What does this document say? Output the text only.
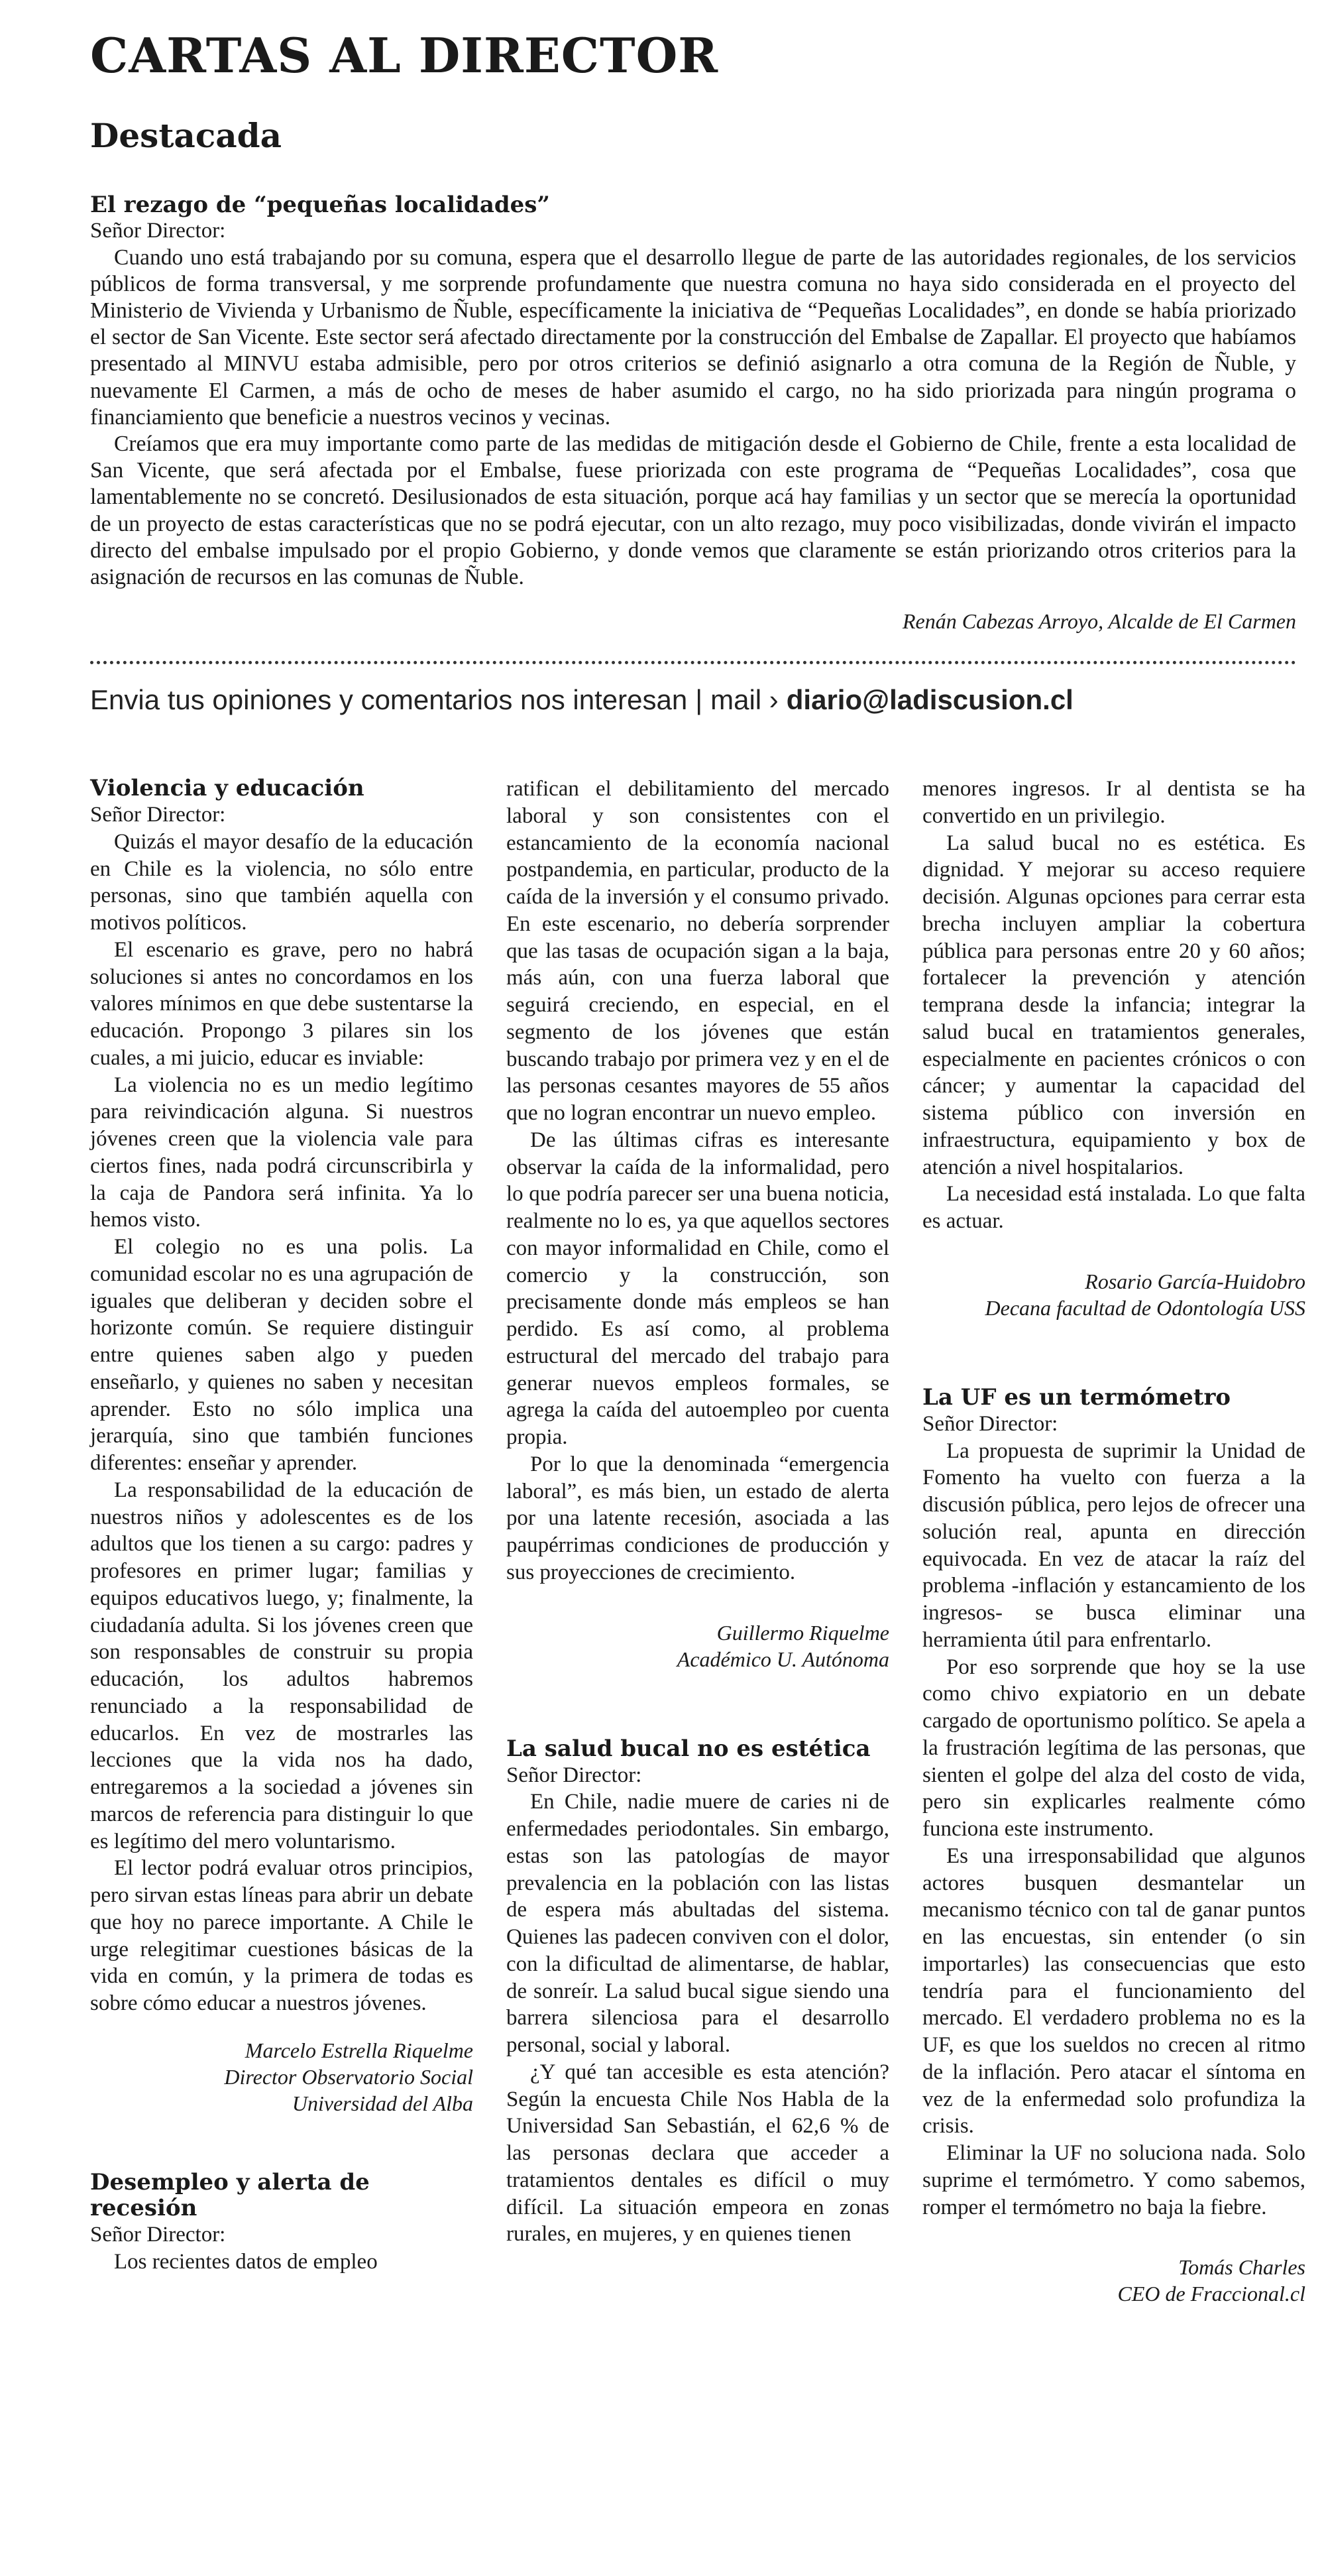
CARTAS AL DIRECTOR
Destacada
El rezago de “pequeñas localidades”

Señor Director:

Cuando uno está trabajando por su comuna, espera que el desarrollo llegue de parte de las autoridades regionales, de los servicios públicos de forma transversal, y me sorprende profundamente que nuestra comuna no haya sido considerada en el proyecto del Ministerio de Vivienda y Urbanismo de Ñuble, específicamente la iniciativa de “Pequeñas Localidades”, en donde se había priorizado el sector de San Vicente. Este sector será afectado directamente por la construcción del Embalse de Zapallar. El proyecto que habíamos presentado al MINVU estaba admisible, pero por otros criterios se definió asignarlo a otra comuna de la Región de Ñuble, y nuevamente El Carmen, a más de ocho de meses de haber asumido el cargo, no ha sido priorizada para ningún programa o financiamiento que beneficie a nuestros vecinos y vecinas.

Creíamos que era muy importante como parte de las medidas de mitigación desde el Gobierno de Chile, frente a esta localidad de San Vicente, que será afectada por el Embalse, fuese priorizada con este programa de “Pequeñas Localidades”, cosa que lamentablemente no se concretó. Desilusionados de esta situación, porque acá hay familias y un sector que se merecía la oportunidad de un proyecto de estas características que no se podrá ejecutar, con un alto rezago, muy poco visibilizadas, donde vivirán el impacto directo del embalse impulsado por el propio Gobierno, y donde vemos que claramente se están priorizando otros criterios para la asignación de recursos en las comunas de Ñuble.

Renán Cabezas Arroyo, Alcalde de El Carmen

Envia tus opiniones y comentarios nos interesan | mail › diario@ladiscusion.cl
Violencia y educación

Señor Director:

Quizás el mayor desafío de la educación en Chile es la violencia, no sólo entre personas, sino que también aquella con motivos políticos.

El escenario es grave, pero no habrá soluciones si antes no concordamos en los valores mínimos en que debe sustentarse la educación. Propongo 3 pilares sin los cuales, a mi juicio, educar es inviable:

La violencia no es un medio legítimo para reivindicación alguna. Si nuestros jóvenes creen que la violencia vale para ciertos fines, nada podrá circunscribirla y la caja de Pandora será infinita. Ya lo hemos visto.

El colegio no es una polis. La comunidad escolar no es una agrupación de iguales que deliberan y deciden sobre el horizonte común. Se requiere distinguir entre quienes saben algo y pueden enseñarlo, y quienes no saben y necesitan aprender. Esto no sólo implica una jerarquía, sino que también funciones diferentes: enseñar y aprender.

La responsabilidad de la educación de nuestros niños y adolescentes es de los adultos que los tienen a su cargo: padres y profesores en primer lugar; familias y equipos educativos luego, y; finalmente, la ciudadanía adulta. Si los jóvenes creen que son responsables de construir su propia educación, los adultos habremos renunciado a la responsabilidad de educarlos. En vez de mostrarles las lecciones que la vida nos ha dado, entregaremos a la sociedad a jóvenes sin marcos de referencia para distinguir lo que es legítimo del mero voluntarismo.

El lector podrá evaluar otros principios, pero sirvan estas líneas para abrir un debate que hoy no parece importante. A Chile le urge relegitimar cuestiones básicas de la vida en común, y la primera de todas es sobre cómo educar a nuestros jóvenes.

Marcelo Estrella Riquelme
Director Observatorio Social
Universidad del Alba
Desempleo y alerta de recesión

Señor Director:

Los recientes datos de empleo

ratifican el debilitamiento del mercado laboral y son consistentes con el estancamiento de la economía nacional postpandemia, en particular, producto de la caída de la inversión y el consumo privado. En este escenario, no debería sorprender que las tasas de ocupación sigan a la baja, más aún, con una fuerza laboral que seguirá creciendo, en especial, en el segmento de los jóvenes que están buscando trabajo por primera vez y en el de las personas cesantes mayores de 55 años que no logran encontrar un nuevo empleo.

De las últimas cifras es interesante observar la caída de la informalidad, pero lo que podría parecer ser una buena noticia, realmente no lo es, ya que aquellos sectores con mayor informalidad en Chile, como el comercio y la construcción, son precisamente donde más empleos se han perdido. Es así como, al problema estructural del mercado del trabajo para generar nuevos empleos formales, se agrega la caída del autoempleo por cuenta propia.

Por lo que la denominada “emergencia laboral”, es más bien, un estado de alerta por una latente recesión, asociada a las paupérrimas condiciones de producción y sus proyecciones de crecimiento.

Guillermo Riquelme
Académico U. Autónoma
La salud bucal no es estética

Señor Director:

En Chile, nadie muere de caries ni de enfermedades periodontales. Sin embargo, estas son las patologías de mayor prevalencia en la población con las listas de espera más abultadas del sistema. Quienes las padecen conviven con el dolor, con la dificultad de alimentarse, de hablar, de sonreír. La salud bucal sigue siendo una barrera silenciosa para el desarrollo personal, social y laboral.

¿Y qué tan accesible es esta atención? Según la encuesta Chile Nos Habla de la Universidad San Sebastián, el 62,6 % de las personas declara que acceder a tratamientos dentales es difícil o muy difícil. La situación empeora en zonas rurales, en mujeres, y en quienes tienen

menores ingresos. Ir al dentista se ha convertido en un privilegio.

La salud bucal no es estética. Es dignidad. Y mejorar su acceso requiere decisión. Algunas opciones para cerrar esta brecha incluyen ampliar la cobertura pública para personas entre 20 y 60 años; fortalecer la prevención y atención temprana desde la infancia; integrar la salud bucal en tratamientos generales, especialmente en pacientes crónicos o con cáncer; y aumentar la capacidad del sistema público con inversión en infraestructura, equipamiento y box de atención a nivel hospitalarios.

La necesidad está instalada. Lo que falta es actuar.

Rosario García-Huidobro
Decana facultad de Odontología USS
La UF es un termómetro

Señor Director:

La propuesta de suprimir la Unidad de Fomento ha vuelto con fuerza a la discusión pública, pero lejos de ofrecer una solución real, apunta en dirección equivocada. En vez de atacar la raíz del problema -inflación y estancamiento de los ingresos- se busca eliminar una herramienta útil para enfrentarlo.

Por eso sorprende que hoy se la use como chivo expiatorio en un debate cargado de oportunismo político. Se apela a la frustración legítima de las personas, que sienten el golpe del alza del costo de vida, pero sin explicarles realmente cómo funciona este instrumento.

Es una irresponsabilidad que algunos actores busquen desmantelar un mecanismo técnico con tal de ganar puntos en las encuestas, sin entender (o sin importarles) las consecuencias que esto tendría para el funcionamiento del mercado. El verdadero problema no es la UF, es que los sueldos no crecen al ritmo de la inflación. Pero atacar el síntoma en vez de la enfermedad solo profundiza la crisis.

Eliminar la UF no soluciona nada. Solo suprime el termómetro. Y como sabemos, romper el termómetro no baja la fiebre.

Tomás Charles
CEO de Fraccional.cl
